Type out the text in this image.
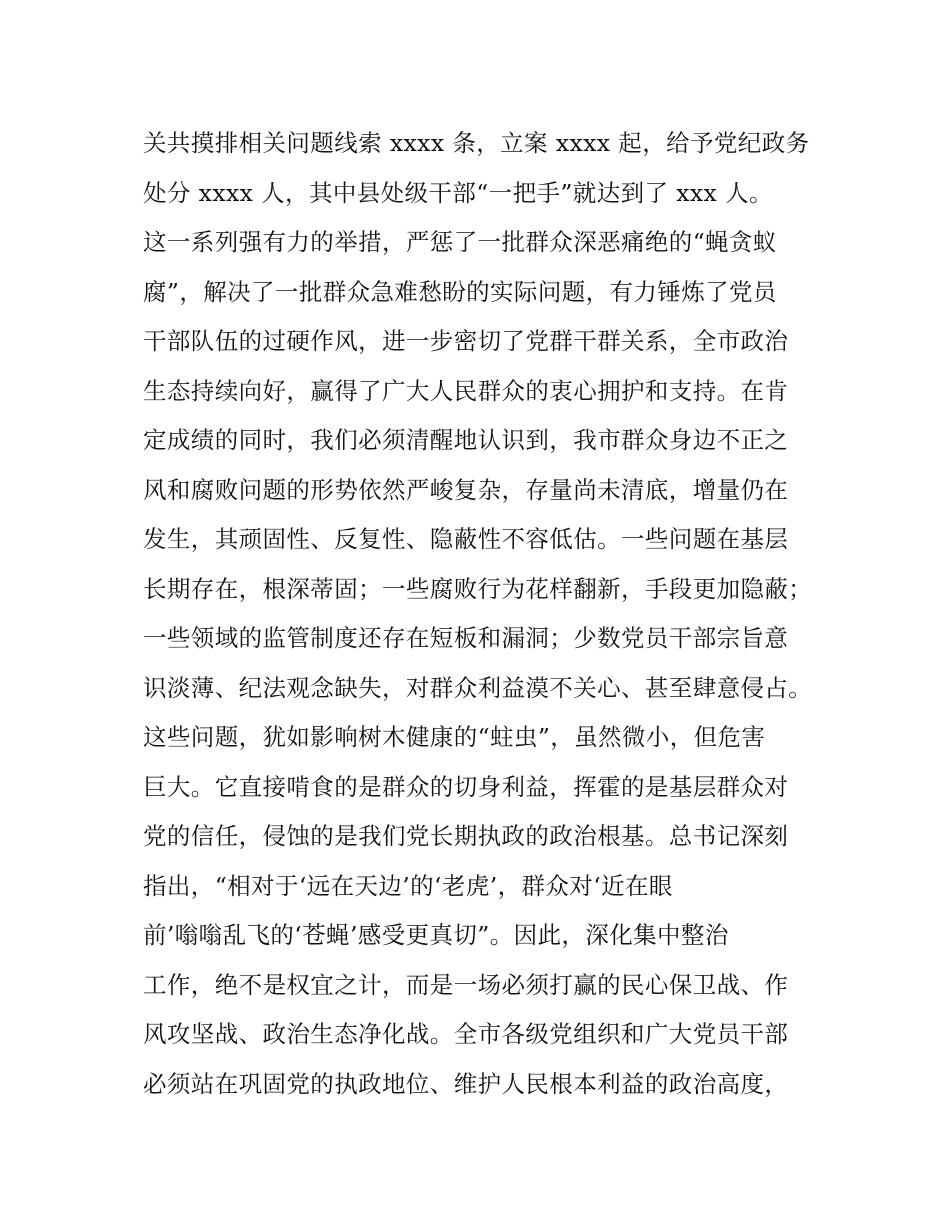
关共摸排相关问题线索 xxxx 条，立案 xxxx 起，给予党纪政务
处分 xxxx 人，其中县处级干部“一把手”就达到了 xxx 人。
这一系列强有力的举措，严惩了一批群众深恶痛绝的“蝇贪蚁
腐”，解决了一批群众急难愁盼的实际问题，有力锤炼了党员
干部队伍的过硬作风，进一步密切了党群干群关系，全市政治
生态持续向好，赢得了广大人民群众的衷心拥护和支持。在肯
定成绩的同时，我们必须清醒地认识到，我市群众身边不正之
风和腐败问题的形势依然严峻复杂，存量尚未清底，增量仍在
发生，其顽固性、反复性、隐蔽性不容低估。一些问题在基层
长期存在，根深蒂固；一些腐败行为花样翻新，手段更加隐蔽；
一些领域的监管制度还存在短板和漏洞；少数党员干部宗旨意
识淡薄、纪法观念缺失，对群众利益漠不关心、甚至肆意侵占。
这些问题，犹如影响树木健康的“蛀虫”，虽然微小，但危害
巨大。它直接啃食的是群众的切身利益，挥霍的是基层群众对
党的信任，侵蚀的是我们党长期执政的政治根基。总书记深刻
指出，“相对于‘远在天边’的‘老虎’，群众对‘近在眼
前’嗡嗡乱飞的‘苍蝇’感受更真切”。因此，深化集中整治
工作，绝不是权宜之计，而是一场必须打赢的民心保卫战、作
风攻坚战、政治生态净化战。全市各级党组织和广大党员干部
必须站在巩固党的执政地位、维护人民根本利益的政治高度，
